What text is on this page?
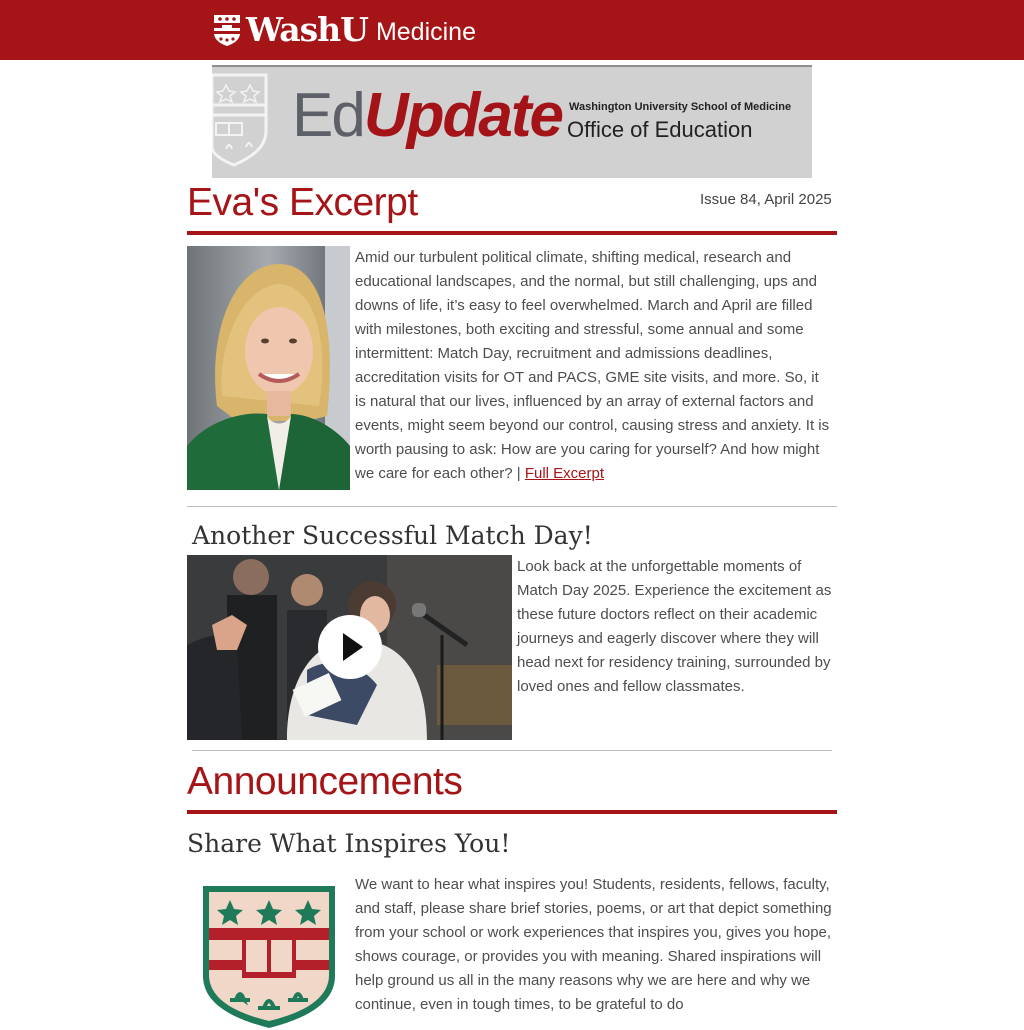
WashU Medicine
EdUpdate Washington University School of Medicine
Office of Education
Eva's Excerpt	Issue 84, April 2025

Amid our turbulent political climate, shifting medical, research and educational landscapes, and the normal, but still challenging, ups and downs of life, it’s easy to feel overwhelmed. March and April are filled with milestones, both exciting and stressful, some annual and some intermittent: Match Day, recruitment and admissions deadlines, accreditation visits for OT and PACS, GME site visits, and more. So, it is natural that our lives, influenced by an array of external factors and events, might seem beyond our control, causing stress and anxiety. It is worth pausing to ask: How are you caring for yourself? And how might we care for each other? | Full Excerpt

Another Successful Match Day!

Look back at the unforgettable moments of Match Day 2025. Experience the excitement as these future doctors reflect on their academic journeys and eagerly discover where they will head next for residency training, surrounded by loved ones and fellow classmates.

Announcements
Share What Inspires You!

We want to hear what inspires you! Students, residents, fellows, faculty, and staff, please share brief stories, poems, or art that depict something from your school or work experiences that inspires you, gives you hope, shows courage, or provides you with meaning. Shared inspirations will help ground us all in the many reasons why we are here and why we continue, even in tough times, to be grateful to do
